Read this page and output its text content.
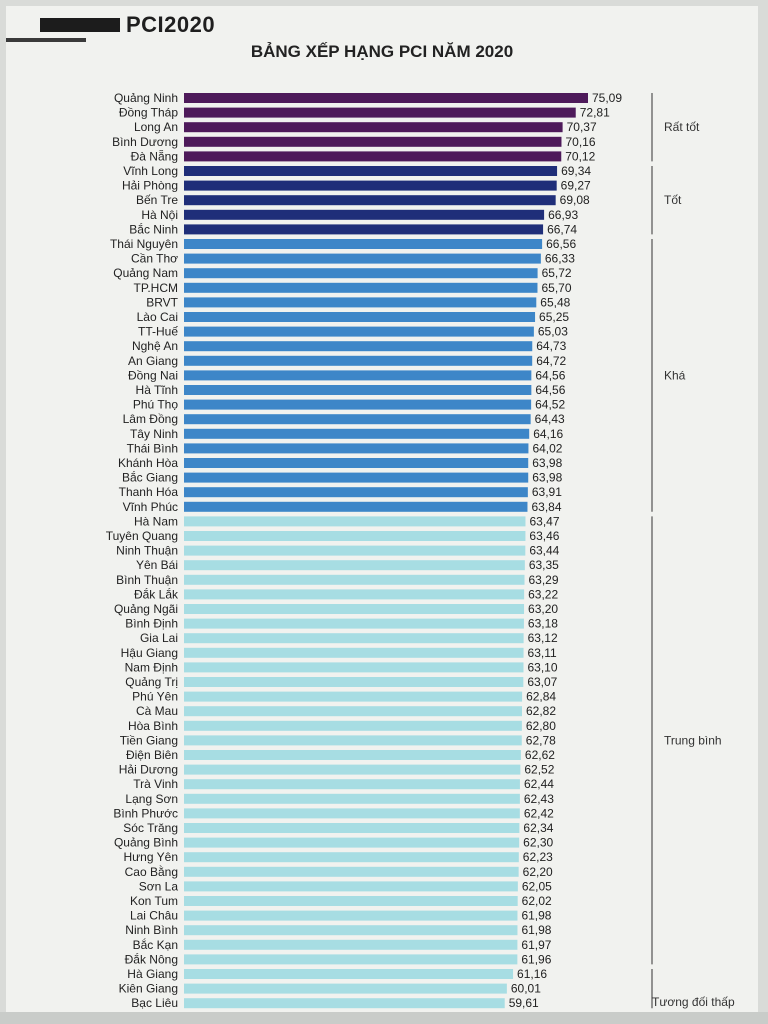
PCI2020
BẢNG XẾP HẠNG PCI NĂM 2020
Quảng Ninh	75,09
Đồng Tháp	72,81
Long An	70,37
Bình Dương	70,16
Đà Nẵng	70,12
Vĩnh Long	69,34
Hải Phòng	69,27
Bến Tre	69,08
Hà Nội	66,93
Bắc Ninh	66,74
Thái Nguyên	66,56
Cần Thơ	66,33
Quảng Nam	65,72
TP.HCM	65,70
BRVT	65,48
Lào Cai	65,25
TT-Huế	65,03
Nghệ An	64,73
An Giang	64,72
Đồng Nai	64,56
Hà Tĩnh	64,56
Phú Thọ	64,52
Lâm Đồng	64,43
Tây Ninh	64,16
Thái Bình	64,02
Khánh Hòa	63,98
Bắc Giang	63,98
Thanh Hóa	63,91
Vĩnh Phúc	63,84
Hà Nam	63,47
Tuyên Quang	63,46
Ninh Thuận	63,44
Yên Bái	63,35
Bình Thuận	63,29
Đắk Lắk	63,22
Quảng Ngãi	63,20
Bình Định	63,18
Gia Lai	63,12
Hậu Giang	63,11
Nam Định	63,10
Quảng Trị	63,07
Phú Yên	62,84
Cà Mau	62,82
Hòa Bình	62,80
Tiền Giang	62,78
Điện Biên	62,62
Hải Dương	62,52
Trà Vinh	62,44
Lạng Sơn	62,43
Bình Phước	62,42
Sóc Trăng	62,34
Quảng Bình	62,30
Hưng Yên	62,23
Cao Bằng	62,20
Sơn La	62,05
Kon Tum	62,02
Lai Châu	61,98
Ninh Bình	61,98
Bắc Kạn	61,97
Đắk Nông	61,96
Hà Giang	61,16
Kiên Giang	60,01
Bạc Liêu	59,61
Rất tốt
Tốt
Khá
Trung bình
Tương đối thấp
